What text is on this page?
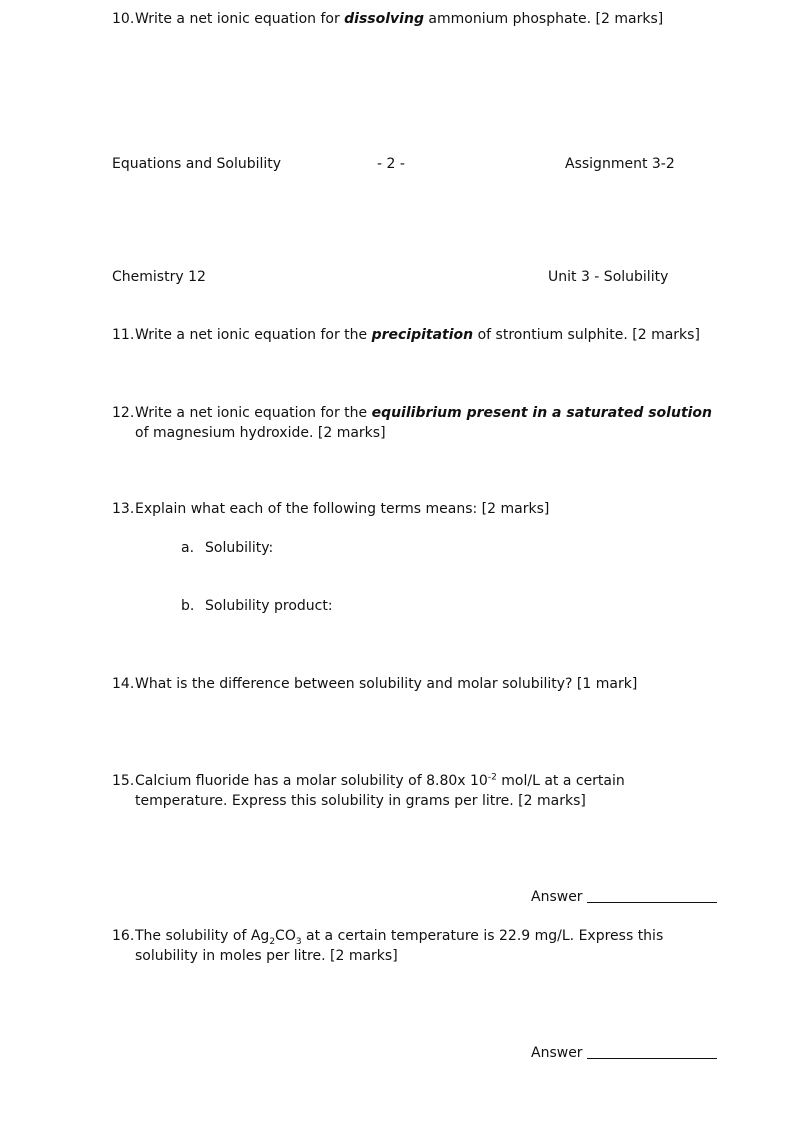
10.Write a net ionic equation for dissolving ammonium phosphate. [2 marks]
Equations and Solubility	- 2 -	Assignment 3-2
Chemistry 12	Unit 3 - Solubility
11.Write a net ionic equation for the precipitation of strontium sulphite. [2 marks]
12.Write a net ionic equation for the equilibrium present in a saturated solution
of magnesium hydroxide. [2 marks]
13.Explain what each of the following terms means: [2 marks]
a. Solubility:
b. Solubility product:
14.What is the difference between solubility and molar solubility? [1 mark]
15.Calcium fluoride has a molar solubility of 8.80x $10^{-2}$ mol/L at a certain
temperature. Express this solubility in grams per litre. [2 marks]
Answer
16.The solubility of $Ag_2CO_3$ at a certain temperature is 22.9 mg/L. Express this
solubility in moles per litre. [2 marks]
Answer
